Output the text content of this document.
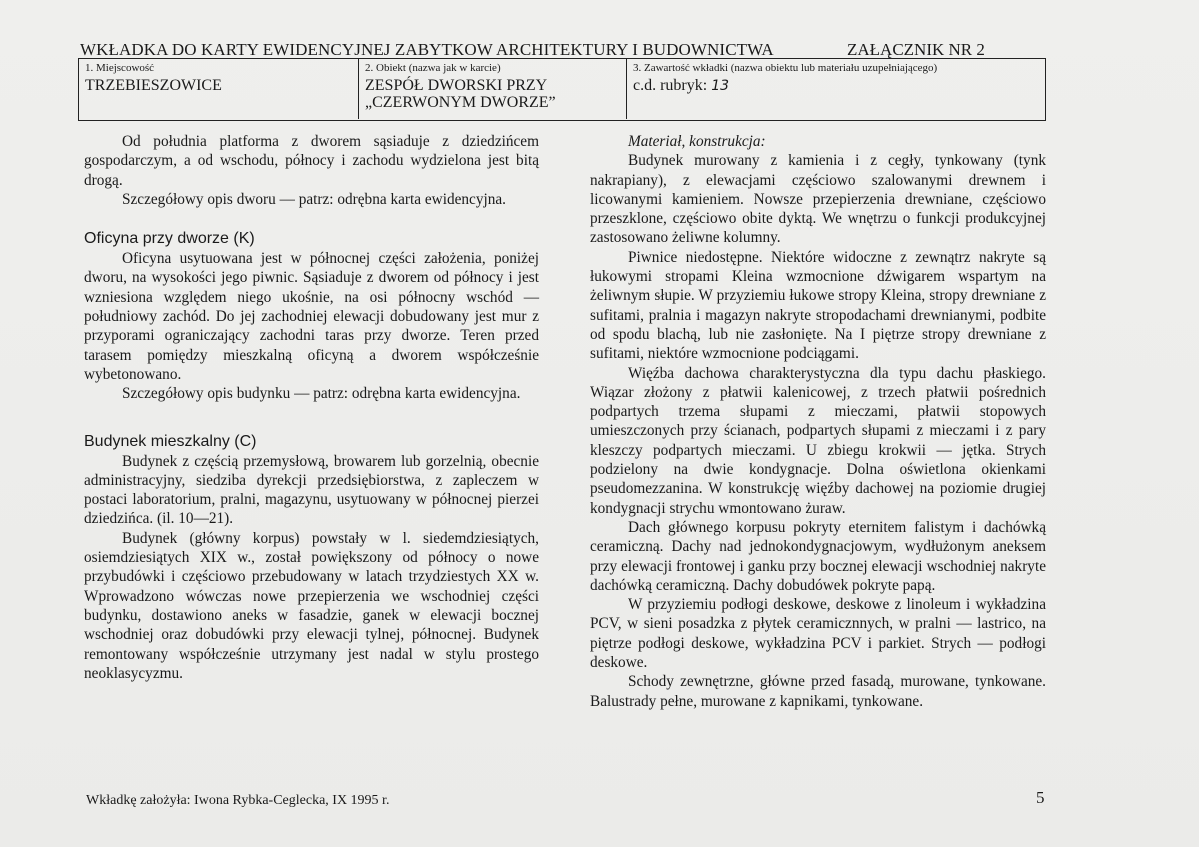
WKŁADKA DO KARTY EWIDENCYJNEJ ZABYTKOW ARCHITEKTURY I BUDOWNICTWA	ZAŁĄCZNIK NR 2
1. Miejscowość
TRZEBIESZOWICE
2. Obiekt (nazwa jak w karcie)
ZESPÓŁ DWORSKI PRZY
„CZERWONYM DWORZE”
3. Zawartość wkładki (nazwa obiektu lub materiału uzupełniającego)
c.d. rubryk: 13

Od południa platforma z dworem sąsiaduje z dziedzińcem gospodarczym, a od wschodu, północy i zachodu wydzielona jest bitą drogą.

Szczegółowy opis dworu — patrz: odrębna karta ewidencyjna.

Oficyna przy dworze (K)

Oficyna usytuowana jest w północnej części założenia, poniżej dworu, na wysokości jego piwnic. Sąsiaduje z dworem od północy i jest wzniesiona względem niego ukośnie, na osi północny wschód — południowy zachód. Do jej zachodniej elewacji dobudowany jest mur z przyporami ograniczający zachodni taras przy dworze. Teren przed tarasem pomiędzy mieszkalną oficyną a dworem współcześnie wybetonowano.

Szczegółowy opis budynku — patrz: odrębna karta ewidencyjna.

Budynek mieszkalny (C)

Budynek z częścią przemysłową, browarem lub gorzelnią, obecnie administracyjny, siedziba dyrekcji przedsiębiorstwa, z zapleczem w postaci laboratorium, pralni, magazynu, usytuowany w północnej pierzei dziedzińca. (il. 10—21).

Budynek (główny korpus) powstały w l. siedemdziesiątych, osiemdziesiątych XIX w., został powiększony od północy o nowe przybudówki i częściowo przebudowany w latach trzydziestych XX w. Wprowadzono wówczas nowe przepierzenia we wschodniej części budynku, dostawiono aneks w fasadzie, ganek w elewacji bocznej wschodniej oraz dobudówki przy elewacji tylnej, północnej. Budynek remontowany współcześnie utrzymany jest nadal w stylu prostego neoklasycyzmu.

Materiał, konstrukcja:

Budynek murowany z kamienia i z cegły, tynkowany (tynk nakrapiany), z elewacjami częściowo szalowanymi drewnem i licowanymi kamieniem. Nowsze przepierzenia drewniane, częściowo przeszklone, częściowo obite dyktą. We wnętrzu o funkcji produkcyjnej zastosowano żeliwne kolumny.

Piwnice niedostępne. Niektóre widoczne z zewnątrz nakryte są łukowymi stropami Kleina wzmocnione dźwigarem wspartym na żeliwnym słupie. W przyziemiu łukowe stropy Kleina, stropy drewniane z sufitami, pralnia i magazyn nakryte stropodachami drewnianymi, podbite od spodu blachą, lub nie zasłonięte. Na I piętrze stropy drewniane z sufitami, niektóre wzmocnione podciągami.

Więźba dachowa charakterystyczna dla typu dachu płaskiego. Wiązar złożony z płatwii kalenicowej, z trzech płatwii pośrednich podpartych trzema słupami z mieczami, płatwii stopowych umieszczonych przy ścianach, podpartych słupami z mieczami i z pary kleszczy podpartych mieczami. U zbiegu krokwii — jętka. Strych podzielony na dwie kondygnacje. Dolna oświetlona okienkami pseudomezzanina. W konstrukcję więźby dachowej na poziomie drugiej kondygnacji strychu wmontowano żuraw.

Dach głównego korpusu pokryty eternitem falistym i dachówką ceramiczną. Dachy nad jednokondygnacjowym, wydłużonym aneksem przy elewacji frontowej i ganku przy bocznej elewacji wschodniej nakryte dachówką ceramiczną. Dachy dobudówek pokryte papą.

W przyziemiu podłogi deskowe, deskowe z linoleum i wykładzina PCV, w sieni posadzka z płytek ceramicznnych, w pralni — lastrico, na piętrze podłogi deskowe, wykładzina PCV i parkiet. Strych — podłogi deskowe.

Schody zewnętrzne, główne przed fasadą, murowane, tynkowane. Balustrady pełne, murowane z kapnikami, tynkowane.

Wkładkę założyła: Iwona Rybka-Ceglecka, IX 1995 r.	5
